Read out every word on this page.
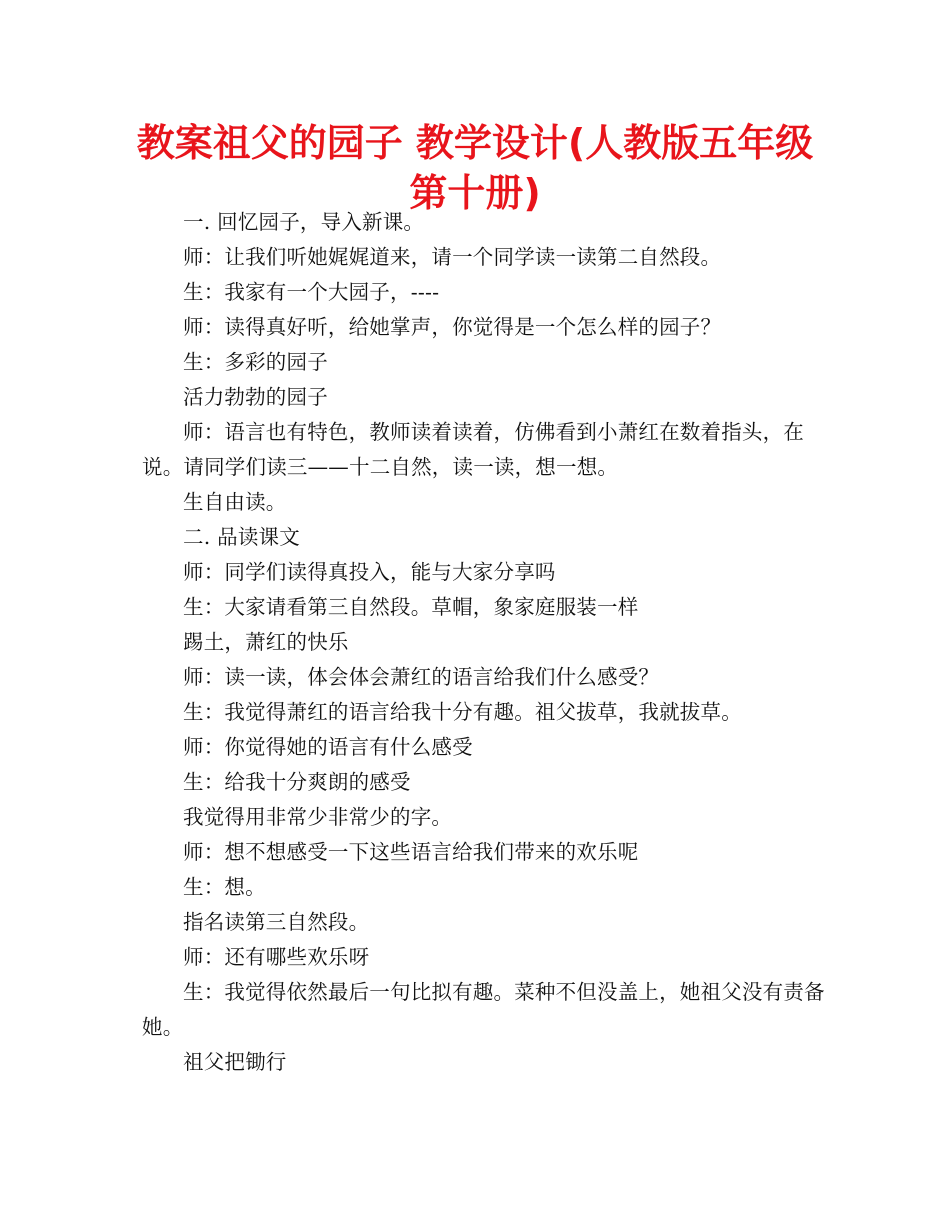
教案祖父的园子 教学设计(人教版五年级第十册)

一. 回忆园子，导入新课。

师：让我们听她娓娓道来，请一个同学读一读第二自然段。

生：我家有一个大园子，----

师：读得真好听，给她掌声，你觉得是一个怎么样的园子？

生：多彩的园子

活力勃勃的园子

师：语言也有特色，教师读着读着，仿佛看到小萧红在数着指头，在说。请同学们读三——十二自然，读一读，想一想。

生自由读。

二. 品读课文

师：同学们读得真投入，能与大家分享吗

生：大家请看第三自然段。草帽，象家庭服装一样

踢土，萧红的快乐

师：读一读，体会体会萧红的语言给我们什么感受？

生：我觉得萧红的语言给我十分有趣。祖父拔草，我就拔草。

师：你觉得她的语言有什么感受

生：给我十分爽朗的感受

我觉得用非常少非常少的字。

师：想不想感受一下这些语言给我们带来的欢乐呢

生：想。

指名读第三自然段。

师：还有哪些欢乐呀

生：我觉得依然最后一句比拟有趣。菜种不但没盖上，她祖父没有责备她。

祖父把锄行
